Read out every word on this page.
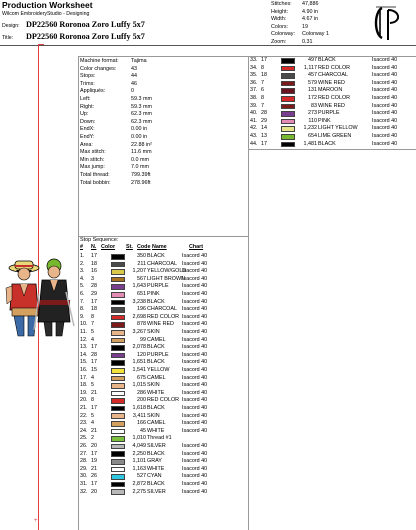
Production Worksheet
Wilcom EmbroideryStudio - Designing
Design: DP22560 Roronoa Zoro Luffy 5x7
Title:	DP22560 Roronoa Zoro Luffy 5x7
Stitches:	47,886
Height:	4.90 in
Width:	4.67 in
Colors:	19
Colorway:	Colorway 1
Zoom:	0.31
Machine format:	Tajima
Color changes:	43
Stops:	44
Trims:	46
Appliqués:	0
Left:	59.3 mm
Right:	59.3 mm
Up:	62.3 mm
Down:	62.3 mm
EndX:	0.00 in
EndY:	0.00 in
Area:	22.88 in²
Max stitch:	11.6 mm
Min stitch:	0.0 mm
Max jump:	7.0 mm
Total thread:	799.39ft
Total bobbin:	278.96ft
Stop Sequence:
#	N. Color	St. Code Name	Chart
1.	17	350 BLACK	Isacord 40
2.	18	211 CHARCOAL Isacord 40
3.	16	1,207 YELLOW/GOLD
Isacord 40
4.	3	567 LIGHT BROWN
Isacord 40
5.	28	1,643 PURPLE	Isacord 40
6.	29	651 PINK	Isacord 40
7.	17	3,238 BLACK	Isacord 40
8.	18	196 CHARCOAL Isacord 40
9.	8	2,698 RED COLOR Isacord 40
10. 7	878 WINE RED	Isacord 40
11. 5	3,267 SKIN	Isacord 40
12. 4	99 CAMEL	Isacord 40
13. 17	2,078 BLACK	Isacord 40
14. 28	120 PURPLE	Isacord 40
15. 17	1,651 BLACK	Isacord 40
16. 15	1,541 YELLOW	Isacord 40
17. 4	675 CAMEL	Isacord 40
18. 5	1,015 SKIN	Isacord 40
19. 21	286 WHITE	Isacord 40
20. 8	200 RED COLOR Isacord 40
21. 17	1,618 BLACK	Isacord 40
22. 5	3,411 SKIN	Isacord 40
23. 4	166 CAMEL	Isacord 40
24. 21	45 WHITE	Isacord 40
25. 2	1,010 Thread #1
26. 20	4,049 SILVER	Isacord 40
27. 17	2,250 BLACK	Isacord 40
28. 19	1,101 GRAY	Isacord 40
29. 21	1,163 WHITE	Isacord 40
30. 26	527 CYAN	Isacord 40
31. 17	2,872 BLACK	Isacord 40
32. 20	2,275 SILVER	Isacord 40
33. 17	497 BLACK	Isacord 40
34. 8	1,117 RED COLOR	Isacord 40
35. 18	457 CHARCOAL	Isacord 40
36. 7	579 WINE RED	Isacord 40
37. 6	131 MAROON	Isacord 40
38. 8	172 RED COLOR	Isacord 40
39. 7	83 WINE RED	Isacord 40
40. 28	273 PURPLE	Isacord 40
41. 29	110 PINK	Isacord 40
42. 14	1,232 LIGHT YELLOW	Isacord 40
43. 13	654 LIME GREEN	Isacord 40
44. 17	1,481 BLACK	Isacord 40
+
